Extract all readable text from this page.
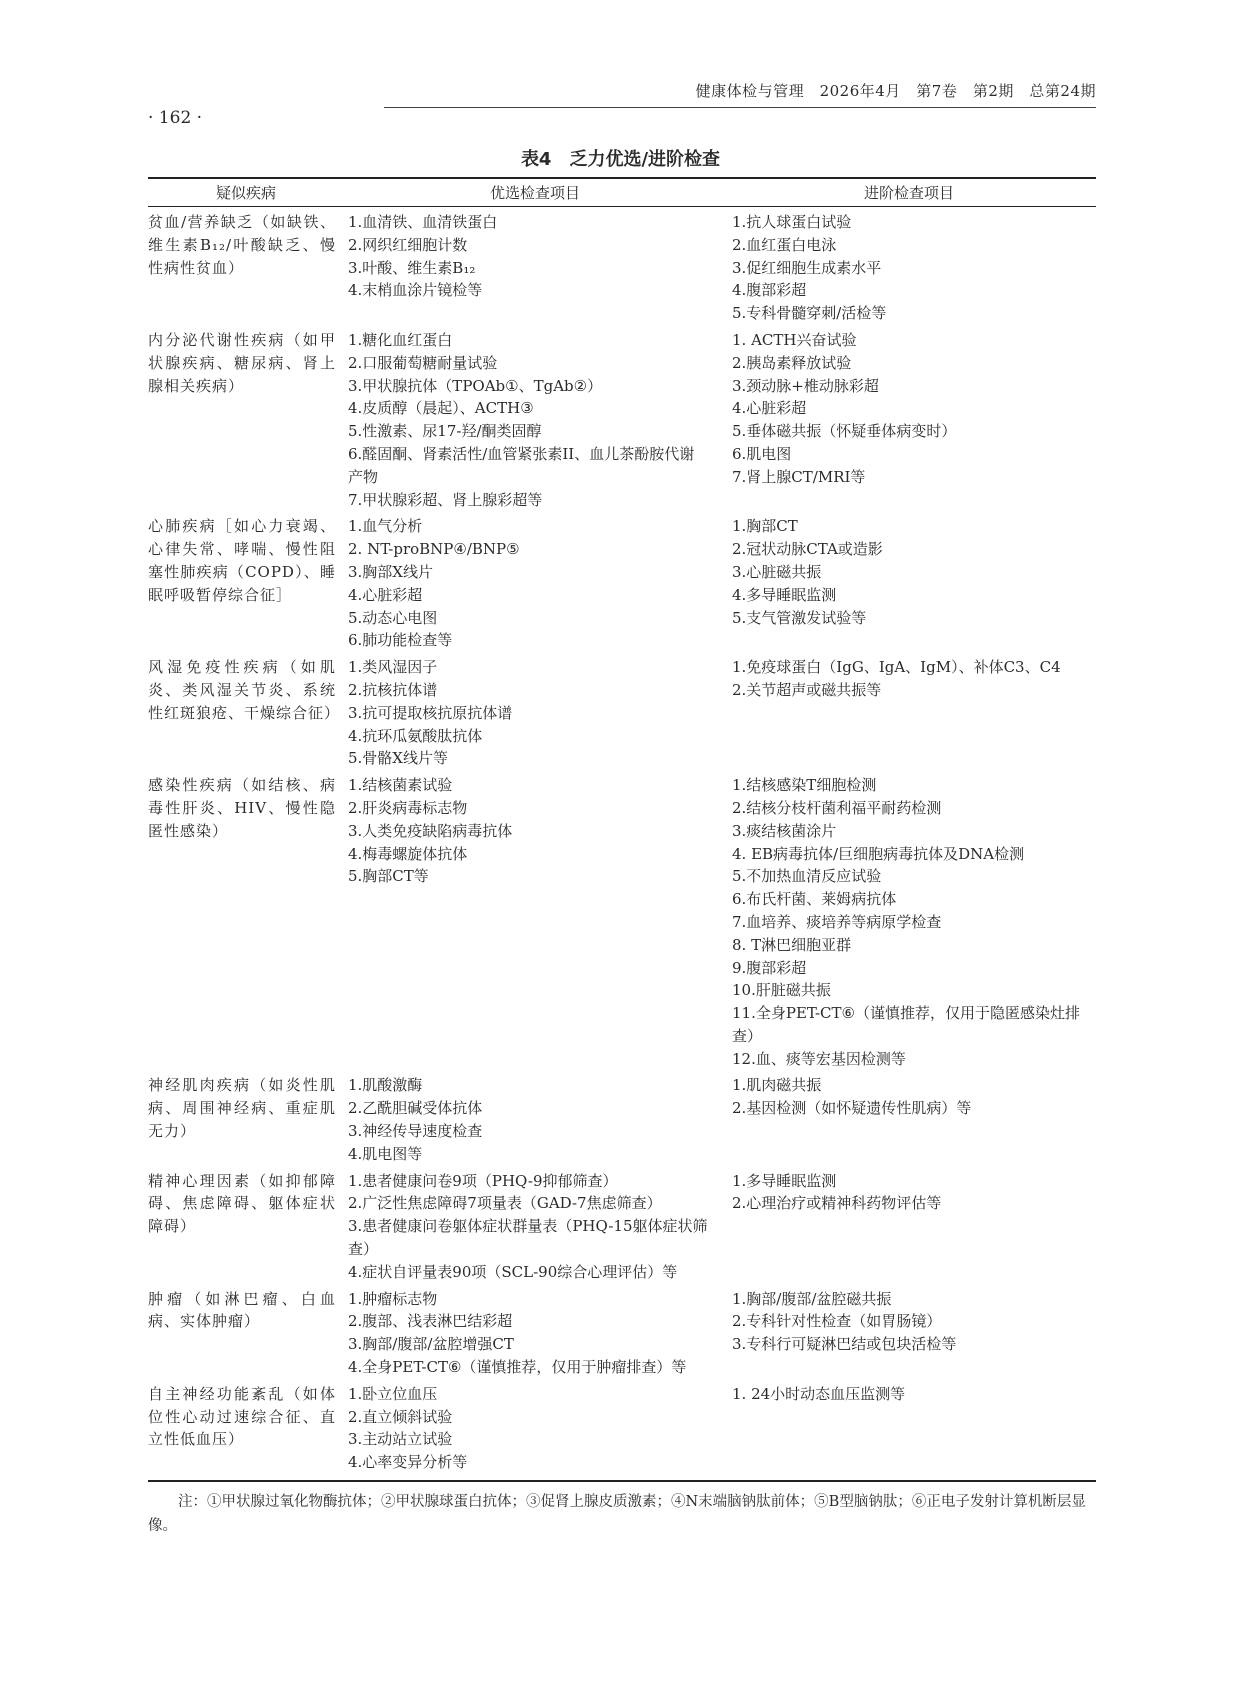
健康体检与管理　2026年4月　第7卷　第2期　总第24期
· 162 ·
表4　乏力优选/进阶检查
疑似疾病	优选检查项目	进阶检查项目
贫血/营养缺乏（如缺铁、维生素B₁₂/叶酸缺乏、慢性病性贫血）
1.血清铁、血清铁蛋白
2.网织红细胞计数
3.叶酸、维生素B₁₂
4.末梢血涂片镜检等
1.抗人球蛋白试验
2.血红蛋白电泳
3.促红细胞生成素水平
4.腹部彩超
5.专科骨髓穿刺/活检等
内分泌代谢性疾病（如甲状腺疾病、糖尿病、肾上腺相关疾病）
1.糖化血红蛋白
2.口服葡萄糖耐量试验
3.甲状腺抗体（TPOAb①、TgAb②）
4.皮质醇（晨起）、ACTH③
5.性激素、尿17-羟/酮类固醇
6.醛固酮、肾素活性/血管紧张素II、血儿茶酚胺代谢产物
7.甲状腺彩超、肾上腺彩超等
1. ACTH兴奋试验
2.胰岛素释放试验
3.颈动脉+椎动脉彩超
4.心脏彩超
5.垂体磁共振（怀疑垂体病变时）
6.肌电图
7.肾上腺CT/MRI等
心肺疾病［如心力衰竭、心律失常、哮喘、慢性阻塞性肺疾病（COPD）、睡眠呼吸暂停综合征］
1.血气分析
2. NT-proBNP④/BNP⑤
3.胸部X线片
4.心脏彩超
5.动态心电图
6.肺功能检查等
1.胸部CT
2.冠状动脉CTA或造影
3.心脏磁共振
4.多导睡眠监测
5.支气管激发试验等
风湿免疫性疾病（如肌炎、类风湿关节炎、系统性红斑狼疮、干燥综合征）
1.类风湿因子
2.抗核抗体谱
3.抗可提取核抗原抗体谱
4.抗环瓜氨酸肽抗体
5.骨骼X线片等
1.免疫球蛋白（IgG、IgA、IgM）、补体C3、C4
2.关节超声或磁共振等
感染性疾病（如结核、病毒性肝炎、HIV、慢性隐匿性感染）
1.结核菌素试验
2.肝炎病毒标志物
3.人类免疫缺陷病毒抗体
4.梅毒螺旋体抗体
5.胸部CT等
1.结核感染T细胞检测
2.结核分枝杆菌利福平耐药检测
3.痰结核菌涂片
4. EB病毒抗体/巨细胞病毒抗体及DNA检测
5.不加热血清反应试验
6.布氏杆菌、莱姆病抗体
7.血培养、痰培养等病原学检查
8. T淋巴细胞亚群
9.腹部彩超
10.肝脏磁共振
11.全身PET-CT⑥（谨慎推荐，仅用于隐匿感染灶排查）
12.血、痰等宏基因检测等
神经肌肉疾病（如炎性肌病、周围神经病、重症肌无力）
1.肌酸激酶
2.乙酰胆碱受体抗体
3.神经传导速度检查
4.肌电图等
1.肌肉磁共振
2.基因检测（如怀疑遗传性肌病）等
精神心理因素（如抑郁障碍、焦虑障碍、躯体症状障碍）
1.患者健康问卷9项（PHQ-9抑郁筛查）
2.广泛性焦虑障碍7项量表（GAD-7焦虑筛查）
3.患者健康问卷躯体症状群量表（PHQ-15躯体症状筛查）
4.症状自评量表90项（SCL-90综合心理评估）等
1.多导睡眠监测
2.心理治疗或精神科药物评估等
肿瘤（如淋巴瘤、白血病、实体肿瘤）
1.肿瘤标志物
2.腹部、浅表淋巴结彩超
3.胸部/腹部/盆腔增强CT
4.全身PET-CT⑥（谨慎推荐，仅用于肿瘤排查）等
1.胸部/腹部/盆腔磁共振
2.专科针对性检查（如胃肠镜）
3.专科行可疑淋巴结或包块活检等
自主神经功能紊乱（如体位性心动过速综合征、直立性低血压）
1.卧立位血压
2.直立倾斜试验
3.主动站立试验
4.心率变异分析等
1. 24小时动态血压监测等
注：①甲状腺过氧化物酶抗体；②甲状腺球蛋白抗体；③促肾上腺皮质激素；④N末端脑钠肽前体；⑤B型脑钠肽；⑥正电子发射计算机断层显像。
